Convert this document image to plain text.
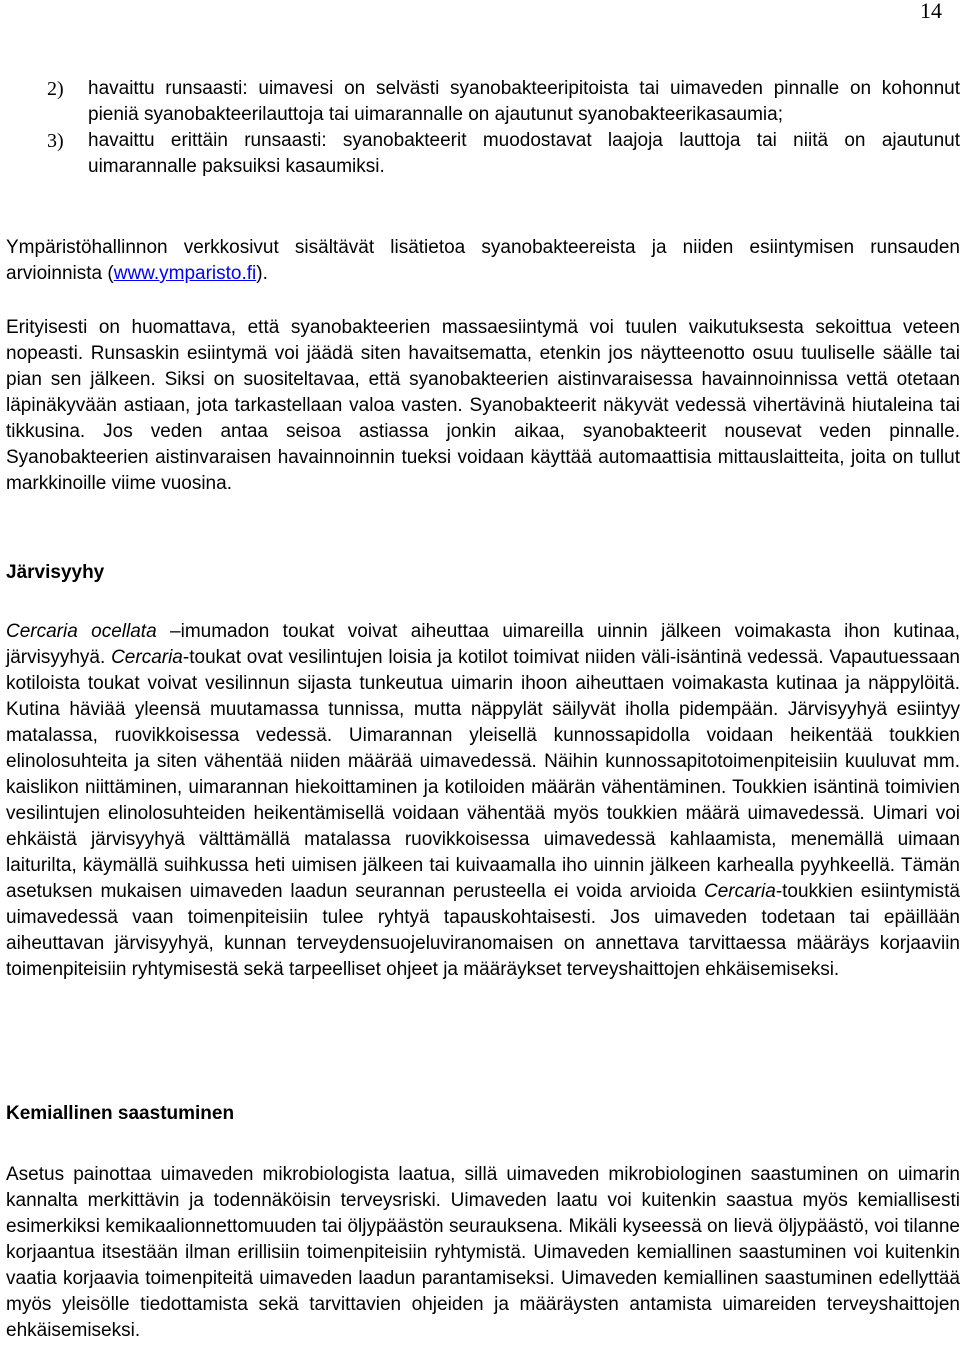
14
2) havaittu runsaasti: uimavesi on selvästi syanobakteeripitoista tai uimaveden pinnalle on kohonnut pieniä syanobakteerilauttoja tai uimarannalle on ajautunut syanobakteerikasaumia;
3) havaittu erittäin runsaasti: syanobakteerit muodostavat laajoja lauttoja tai niitä on ajautunut uimarannalle paksuiksi kasaumiksi.
Ympäristöhallinnon verkkosivut sisältävät lisätietoa syanobakteereista ja niiden esiintymisen runsauden arvioinnista (www.ymparisto.fi).
Erityisesti on huomattava, että syanobakteerien massaesiintymä voi tuulen vaikutuksesta sekoittua veteen nopeasti. Runsaskin esiintymä voi jäädä siten havaitsematta, etenkin jos näytteenotto osuu tuuliselle säälle tai pian sen jälkeen. Siksi on suositeltavaa, että syanobakteerien aistinvaraisessa havainnoinnissa vettä otetaan läpinäkyvään astiaan, jota tarkastellaan valoa vasten. Syanobakteerit näkyvät vedessä vihertävinä hiutaleina tai tikkusina. Jos veden antaa seisoa astiassa jonkin aikaa, syanobakteerit nousevat veden pinnalle. Syanobakteerien aistinvaraisen havainnoinnin tueksi voidaan käyttää automaattisia mittauslaitteita, joita on tullut markkinoille viime vuosina.
Järvisyyhy
Cercaria ocellata –imumadon toukat voivat aiheuttaa uimareilla uinnin jälkeen voimakasta ihon kutinaa, järvisyyhyä. Cercaria-toukat ovat vesilintujen loisia ja kotilot toimivat niiden väli-isäntinä vedessä. Vapautuessaan kotiloista toukat voivat vesilinnun sijasta tunkeutua uimarin ihoon aiheuttaen voimakasta kutinaa ja näppylöitä. Kutina häviää yleensä muutamassa tunnissa, mutta näppylät säilyvät iholla pidempään. Järvisyyhyä esiintyy matalassa, ruovikkoisessa vedessä. Uimarannan yleisellä kunnossapidolla voidaan heikentää toukkien elinolosuhteita ja siten vähentää niiden määrää uimavedessä. Näihin kunnossapitotoimenpiteisiin kuuluvat mm. kaislikon niittäminen, uimarannan hiekoittaminen ja kotiloiden määrän vähentäminen. Toukkien isäntinä toimivien vesilintujen elinolosuhteiden heikentämisellä voidaan vähentää myös toukkien määrä uimavedessä. Uimari voi ehkäistä järvisyyhyä välttämällä matalassa ruovikkoisessa uimavedessä kahlaamista, menemällä uimaan laiturilta, käymällä suihkussa heti uimisen jälkeen tai kuivaamalla iho uinnin jälkeen karhealla pyyhkeellä. Tämän asetuksen mukaisen uimaveden laadun seurannan perusteella ei voida arvioida Cercaria-toukkien esiintymistä uimavedessä vaan toimenpiteisiin tulee ryhtyä tapauskohtaisesti. Jos uimaveden todetaan tai epäillään aiheuttavan järvisyyhyä, kunnan terveydensuojeluviranomaisen on annettava tarvittaessa määräys korjaaviin toimenpiteisiin ryhtymisestä sekä tarpeelliset ohjeet ja määräykset terveyshaittojen ehkäisemiseksi.
Kemiallinen saastuminen
Asetus painottaa uimaveden mikrobiologista laatua, sillä uimaveden mikrobiologinen saastuminen on uimarin kannalta merkittävin ja todennäköisin terveysriski. Uimaveden laatu voi kuitenkin saastua myös kemiallisesti esimerkiksi kemikaalionnettomuuden tai öljypäästön seurauksena. Mikäli kyseessä on lievä öljypäästö, voi tilanne korjaantua itsestään ilman erillisiin toimenpiteisiin ryhtymistä. Uimaveden kemiallinen saastuminen voi kuitenkin vaatia korjaavia toimenpiteitä uimaveden laadun parantamiseksi. Uimaveden kemiallinen saastuminen edellyttää myös yleisölle tiedottamista sekä tarvittavien ohjeiden ja määräysten antamista uimareiden terveyshaittojen ehkäisemiseksi.
